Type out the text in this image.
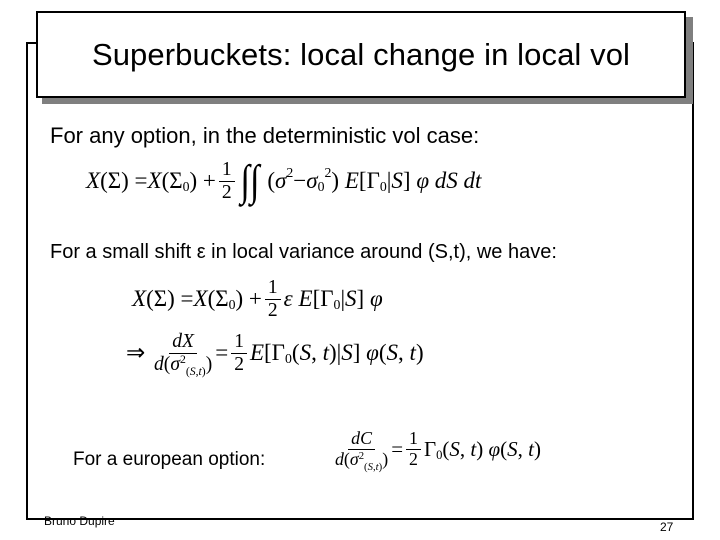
Superbuckets: local change in local vol
For any option, in the deterministic vol case:
X (Σ) = X (Σ 0 ) + $\frac{1}{2}$ ∫∫ ( σ 2 − σ 0
2 ) E [Γ 0 | S ] φ
dS
dt
For a small shift ε in local variance around (S,t), we have:
X (Σ) = X (Σ 0 ) + $\frac{1}{2}$ ε
E [Γ 0 | S ] φ
⇒ $\frac{dX}{d(\sigma^2_{(S,t)})} = \frac{1}{2}$ E [Γ 0 ( S , t )| S ] φ ( S , t )
For a european option:	$\frac{dC}{d(\sigma^2_{(S,t)})} = \frac{1}{2}$ Γ 0 ( S , t ) φ ( S , t )
Bruno Dupire	27
